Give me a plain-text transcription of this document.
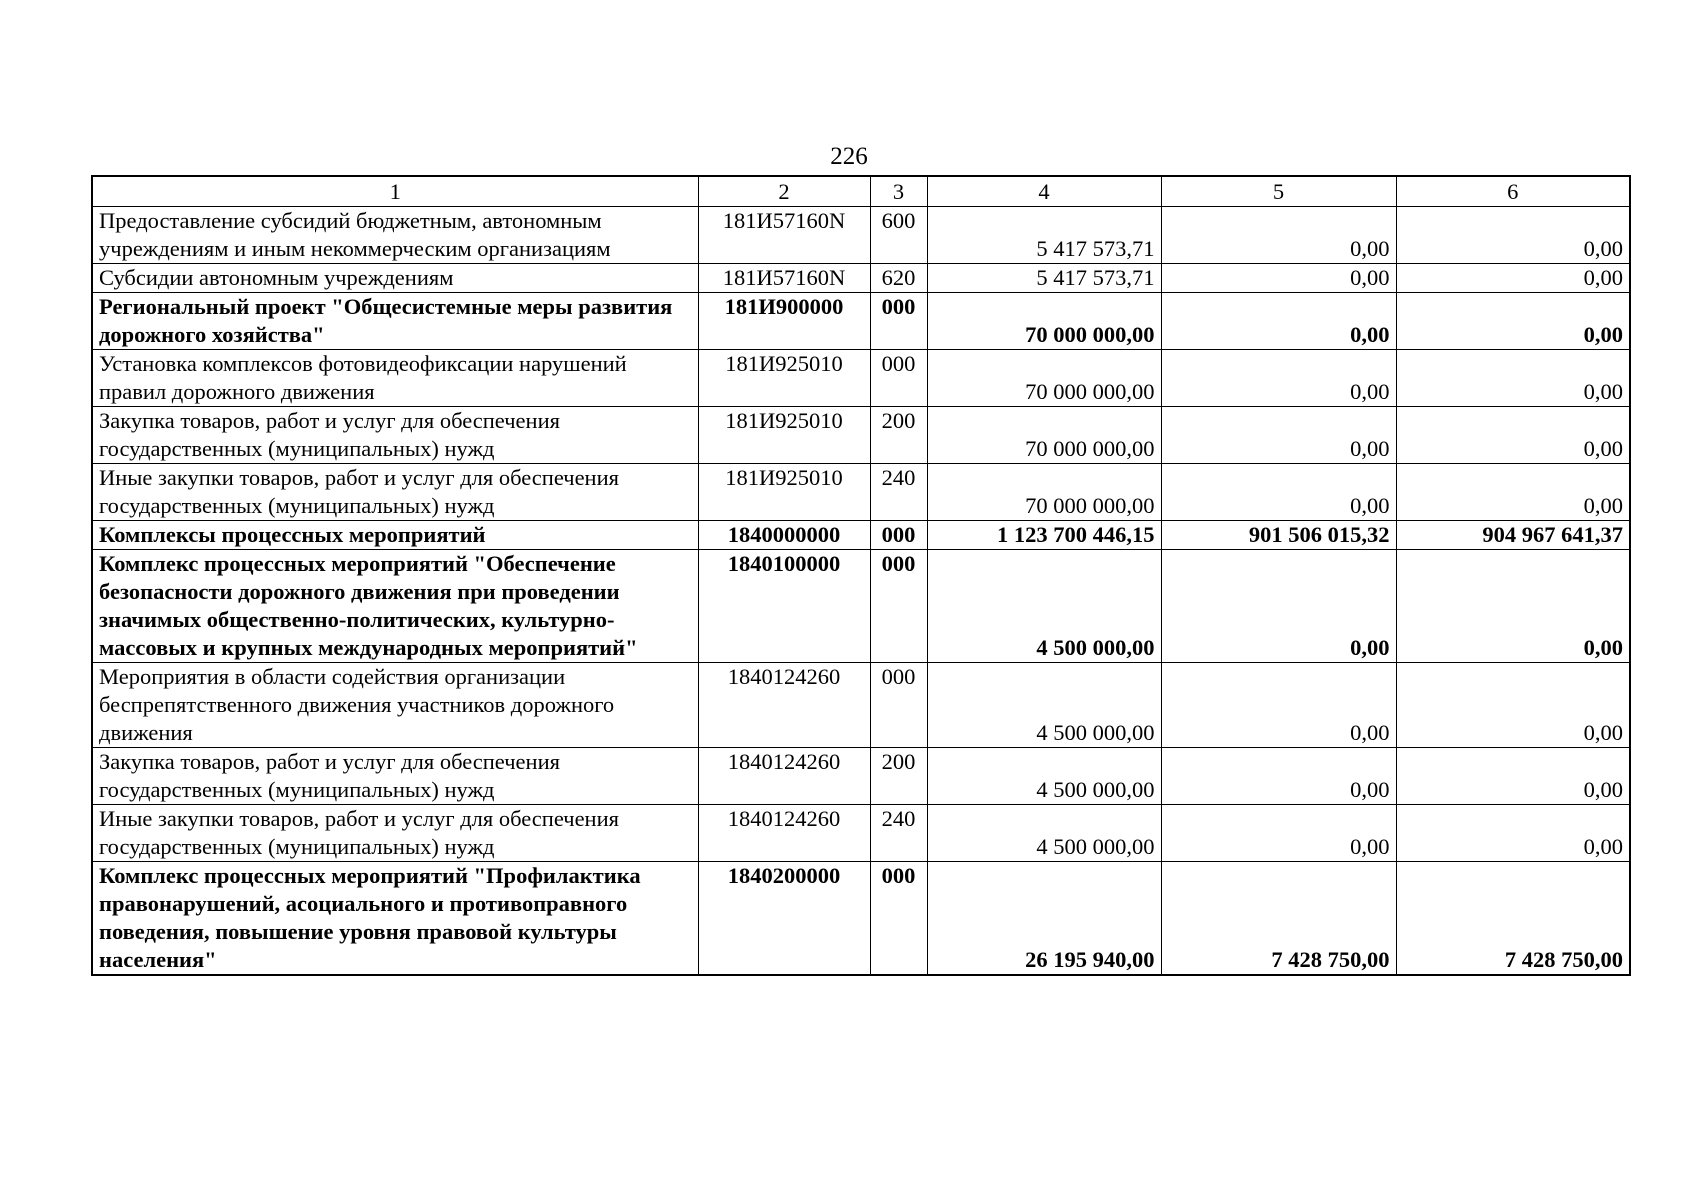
226
1	2	3	4	5	6
Предоставление субсидий бюджетным, автономным учреждениям и иным некоммерческим организациям	181И57160N	600	5 417 573,71	0,00	0,00
Субсидии автономным учреждениям	181И57160N	620	5 417 573,71	0,00	0,00
Региональный проект "Общесистемные меры развития дорожного хозяйства"	181И900000	000	70 000 000,00	0,00	0,00
Установка комплексов фотовидеофиксации нарушений правил дорожного движения	181И925010	000	70 000 000,00	0,00	0,00
Закупка товаров, работ и услуг для обеспечения государственных (муниципальных) нужд	181И925010	200	70 000 000,00	0,00	0,00
Иные закупки товаров, работ и услуг для обеспечения государственных (муниципальных) нужд	181И925010	240	70 000 000,00	0,00	0,00
Комплексы процессных мероприятий	1840000000	000	1 123 700 446,15	901 506 015,32	904 967 641,37
Комплекс процессных мероприятий "Обеспечение безопасности дорожного движения при проведении значимых общественно-политических, культурно-массовых и крупных международных мероприятий"	1840100000	000	4 500 000,00	0,00	0,00
Мероприятия в области содействия организации беспрепятственного движения участников дорожного движения	1840124260	000	4 500 000,00	0,00	0,00
Закупка товаров, работ и услуг для обеспечения государственных (муниципальных) нужд	1840124260	200	4 500 000,00	0,00	0,00
Иные закупки товаров, работ и услуг для обеспечения государственных (муниципальных) нужд	1840124260	240	4 500 000,00	0,00	0,00
Комплекс процессных мероприятий "Профилактика правонарушений, асоциального и противоправного поведения, повышение уровня правовой культуры населения"	1840200000	000	26 195 940,00	7 428 750,00	7 428 750,00
